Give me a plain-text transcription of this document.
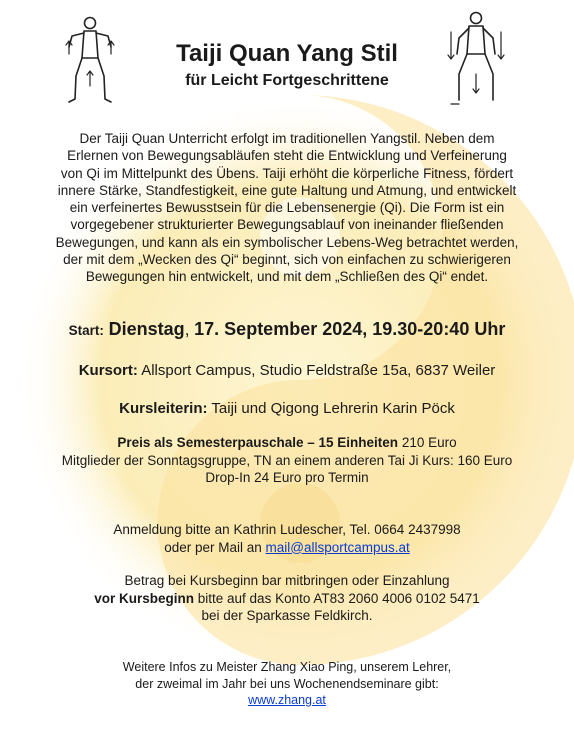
Taiji Quan Yang Stil
für Leicht Fortgeschrittene
Der Taiji Quan Unterricht erfolgt im traditionellen Yangstil. Neben dem
Erlernen von Bewegungsabläufen steht die Entwicklung und Verfeinerung
von Qi im Mittelpunkt des Übens. Taiji erhöht die körperliche Fitness, fördert
innere Stärke, Standfestigkeit, eine gute Haltung und Atmung, und entwickelt
ein verfeinertes Bewusstsein für die Lebensenergie (Qi). Die Form ist ein
vorgegebener strukturierter Bewegungsablauf von ineinander fließenden
Bewegungen, und kann als ein symbolischer Lebens-Weg betrachtet werden,
der mit dem „Wecken des Qi“ beginnt, sich von einfachen zu schwierigeren
Bewegungen hin entwickelt, und mit dem „Schließen des Qi“ endet.
Start: Dienstag, 17. September 2024, 19.30-20:40 Uhr
Kursort: Allsport Campus, Studio Feldstraße 15a, 6837 Weiler
Kursleiterin: Taiji und Qigong Lehrerin Karin Pöck
Preis als Semesterpauschale – 15 Einheiten 210 Euro
Mitglieder der Sonntagsgruppe, TN an einem anderen Tai Ji Kurs: 160 Euro
Drop-In 24 Euro pro Termin
Anmeldung bitte an Kathrin Ludescher, Tel. 0664 2437998
oder per Mail an mail@allsportcampus.at
Betrag bei Kursbeginn bar mitbringen oder Einzahlung
vor Kursbeginn bitte auf das Konto AT83 2060 4006 0102 5471
bei der Sparkasse Feldkirch.
Weitere Infos zu Meister Zhang Xiao Ping, unserem Lehrer,
der zweimal im Jahr bei uns Wochenendseminare gibt:
www.zhang.at
